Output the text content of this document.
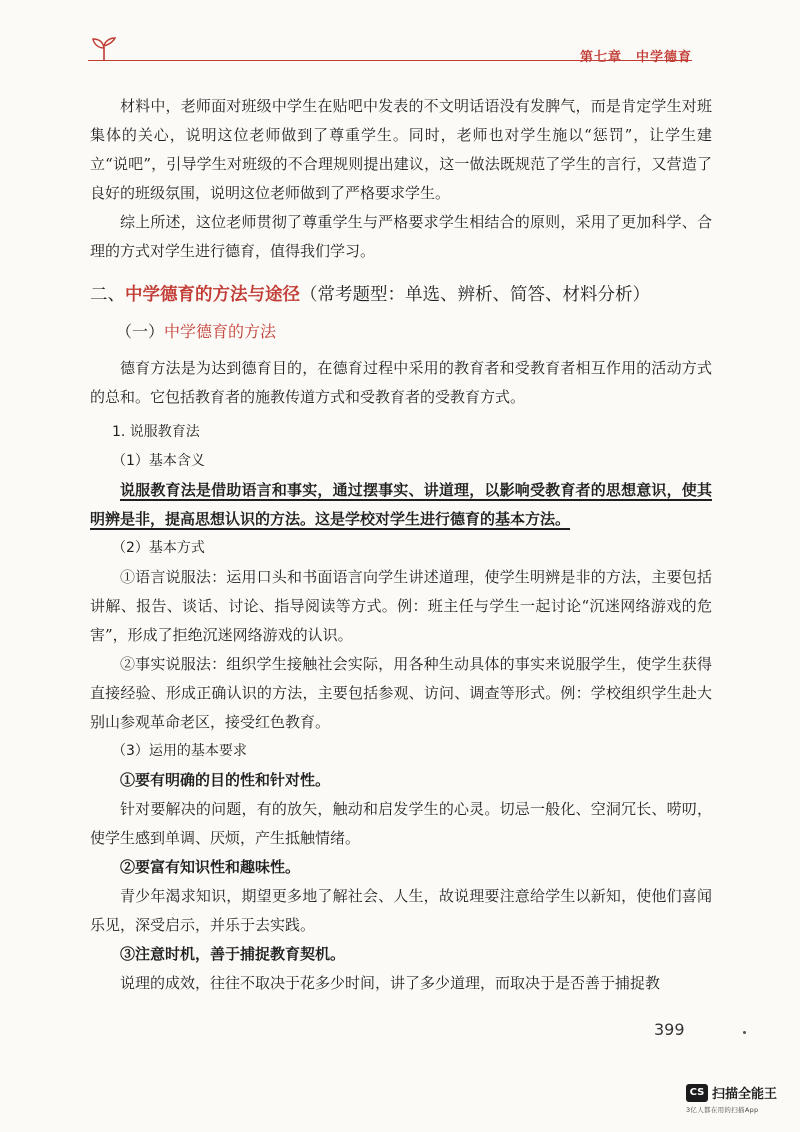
第七章　中学德育

材料中，老师面对班级中学生在贴吧中发表的不文明话语没有发脾气，而是肯定学生对班集体的关心，说明这位老师做到了尊重学生。同时，老师也对学生施以“惩罚”，让学生建立“说吧”，引导学生对班级的不合理规则提出建议，这一做法既规范了学生的言行，又营造了良好的班级氛围，说明这位老师做到了严格要求学生。

综上所述，这位老师贯彻了尊重学生与严格要求学生相结合的原则，采用了更加科学、合理的方式对学生进行德育，值得我们学习。

二、中学德育的方法与途径（常考题型：单选、辨析、简答、材料分析）
（一）中学德育的方法

德育方法是为达到德育目的，在德育过程中采用的教育者和受教育者相互作用的活动方式的总和。它包括教育者的施教传道方式和受教育者的受教育方式。

1. 说服教育法
（1）基本含义

说服教育法是借助语言和事实，通过摆事实、讲道理，以影响受教育者的思想意识，使其明辨是非，提高思想认识的方法。这是学校对学生进行德育的基本方法。

（2）基本方式

①语言说服法：运用口头和书面语言向学生讲述道理，使学生明辨是非的方法，主要包括讲解、报告、谈话、讨论、指导阅读等方式。例：班主任与学生一起讨论“沉迷网络游戏的危害”，形成了拒绝沉迷网络游戏的认识。

②事实说服法：组织学生接触社会实际，用各种生动具体的事实来说服学生，使学生获得直接经验、形成正确认识的方法，主要包括参观、访问、调查等形式。例：学校组织学生赴大别山参观革命老区，接受红色教育。

（3）运用的基本要求

①要有明确的目的性和针对性。

针对要解决的问题，有的放矢，触动和启发学生的心灵。切忌一般化、空洞冗长、唠叨，使学生感到单调、厌烦，产生抵触情绪。

②要富有知识性和趣味性。

青少年渴求知识，期望更多地了解社会、人生，故说理要注意给学生以新知，使他们喜闻乐见，深受启示，并乐于去实践。

③注意时机，善于捕捉教育契机。

说理的成效，往往不取决于花多少时间，讲了多少道理，而取决于是否善于捕捉教

399
CS 扫描全能王
3亿人都在用的扫描App
